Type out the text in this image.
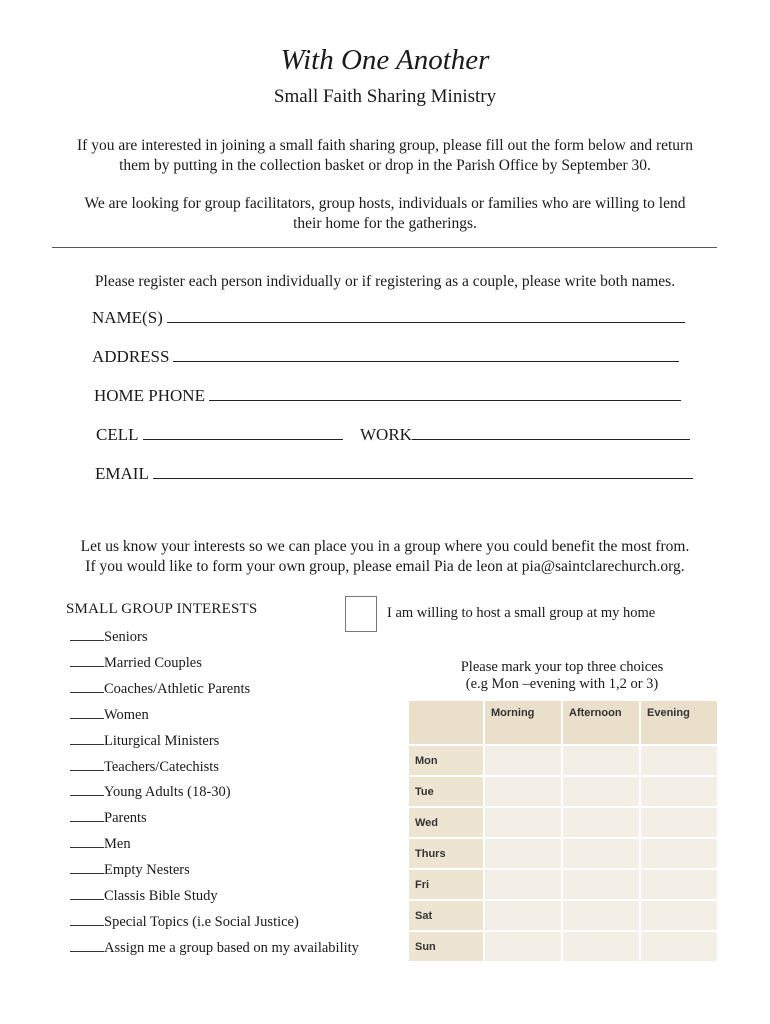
With One Another
Small Faith Sharing Ministry
If you are interested in joining a small faith sharing group, please fill out the form below and return
them by putting in the collection basket or drop in the Parish Office by September 30.
We are looking for group facilitators, group hosts, individuals or families who are willing to lend
their home for the gatherings.
Please register each person individually or if registering as a couple, please write both names.
NAME(S)
ADDRESS
HOME PHONE
CELL	WORK
EMAIL
Let us know your interests so we can place you in a group where you could benefit the most from.
If you would like to form your own group, please email Pia de leon at pia@saintclarechurch.org.
SMALL GROUP INTERESTS
Seniors
Married Couples
Coaches/Athletic Parents
Women
Liturgical Ministers
Teachers/Catechists
Young Adults (18-30)
Parents
Men
Empty Nesters
Classis Bible Study
Special Topics (i.e Social Justice)
Assign me a group based on my availability
I am willing to host a small group at my home
Please mark your top three choices
(e.g Mon –evening with 1,2 or 3)
	Morning	Afternoon	Evening
Mon			
Tue			
Wed			
Thurs			
Fri			
Sat			
Sun			
